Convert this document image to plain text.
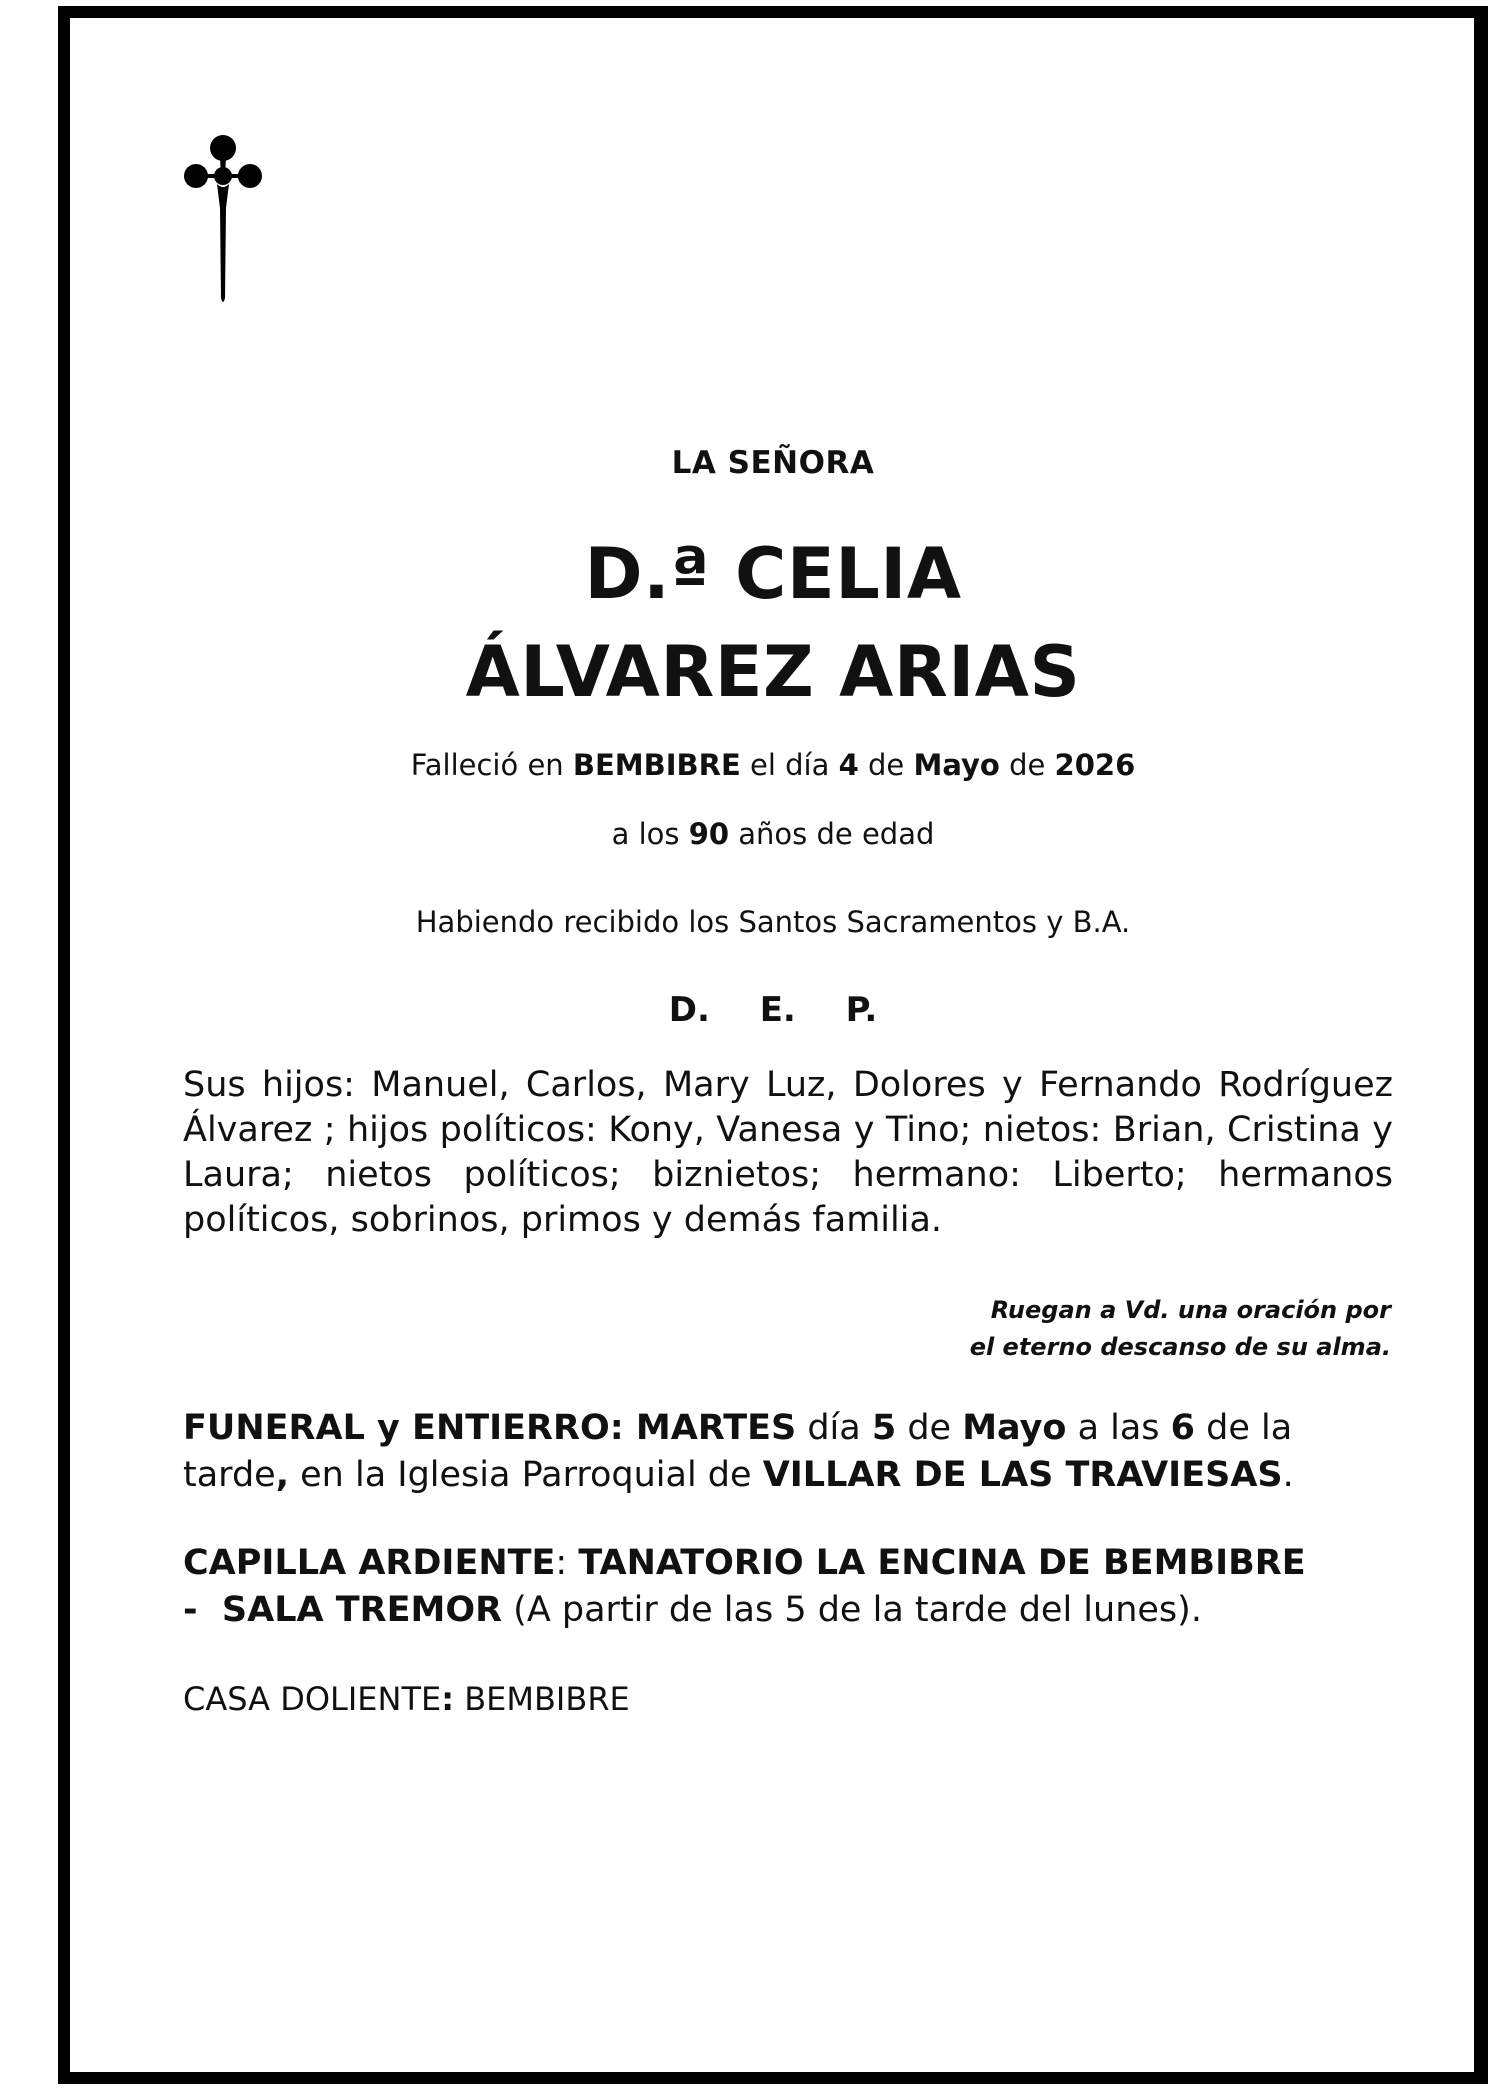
LA SEÑORA
D.ª CELIA
ÁLVAREZ ARIAS
Falleció en BEMBIBRE el día 4 de Mayo de 2026
a los 90 años de edad
Habiendo recibido los Santos Sacramentos y B.A.
D. E. P.
Sus hijos: Manuel, Carlos, Mary Luz, Dolores y Fernando Rodríguez Álvarez ; hijos políticos: Kony, Vanesa y Tino; nietos: Brian, Cristina y Laura; nietos políticos; biznietos; hermano: Liberto; hermanos políticos, sobrinos, primos y demás familia.
Ruegan a Vd. una oración por
el eterno descanso de su alma.
FUNERAL y ENTIERRO: MARTES día 5 de Mayo a las 6 de la tarde, en la Iglesia Parroquial de VILLAR DE LAS TRAVIESAS.
CAPILLA ARDIENTE: TANATORIO LA ENCINA DE BEMBIBRE
-  SALA TREMOR (A partir de las 5 de la tarde del lunes).
CASA DOLIENTE: BEMBIBRE
